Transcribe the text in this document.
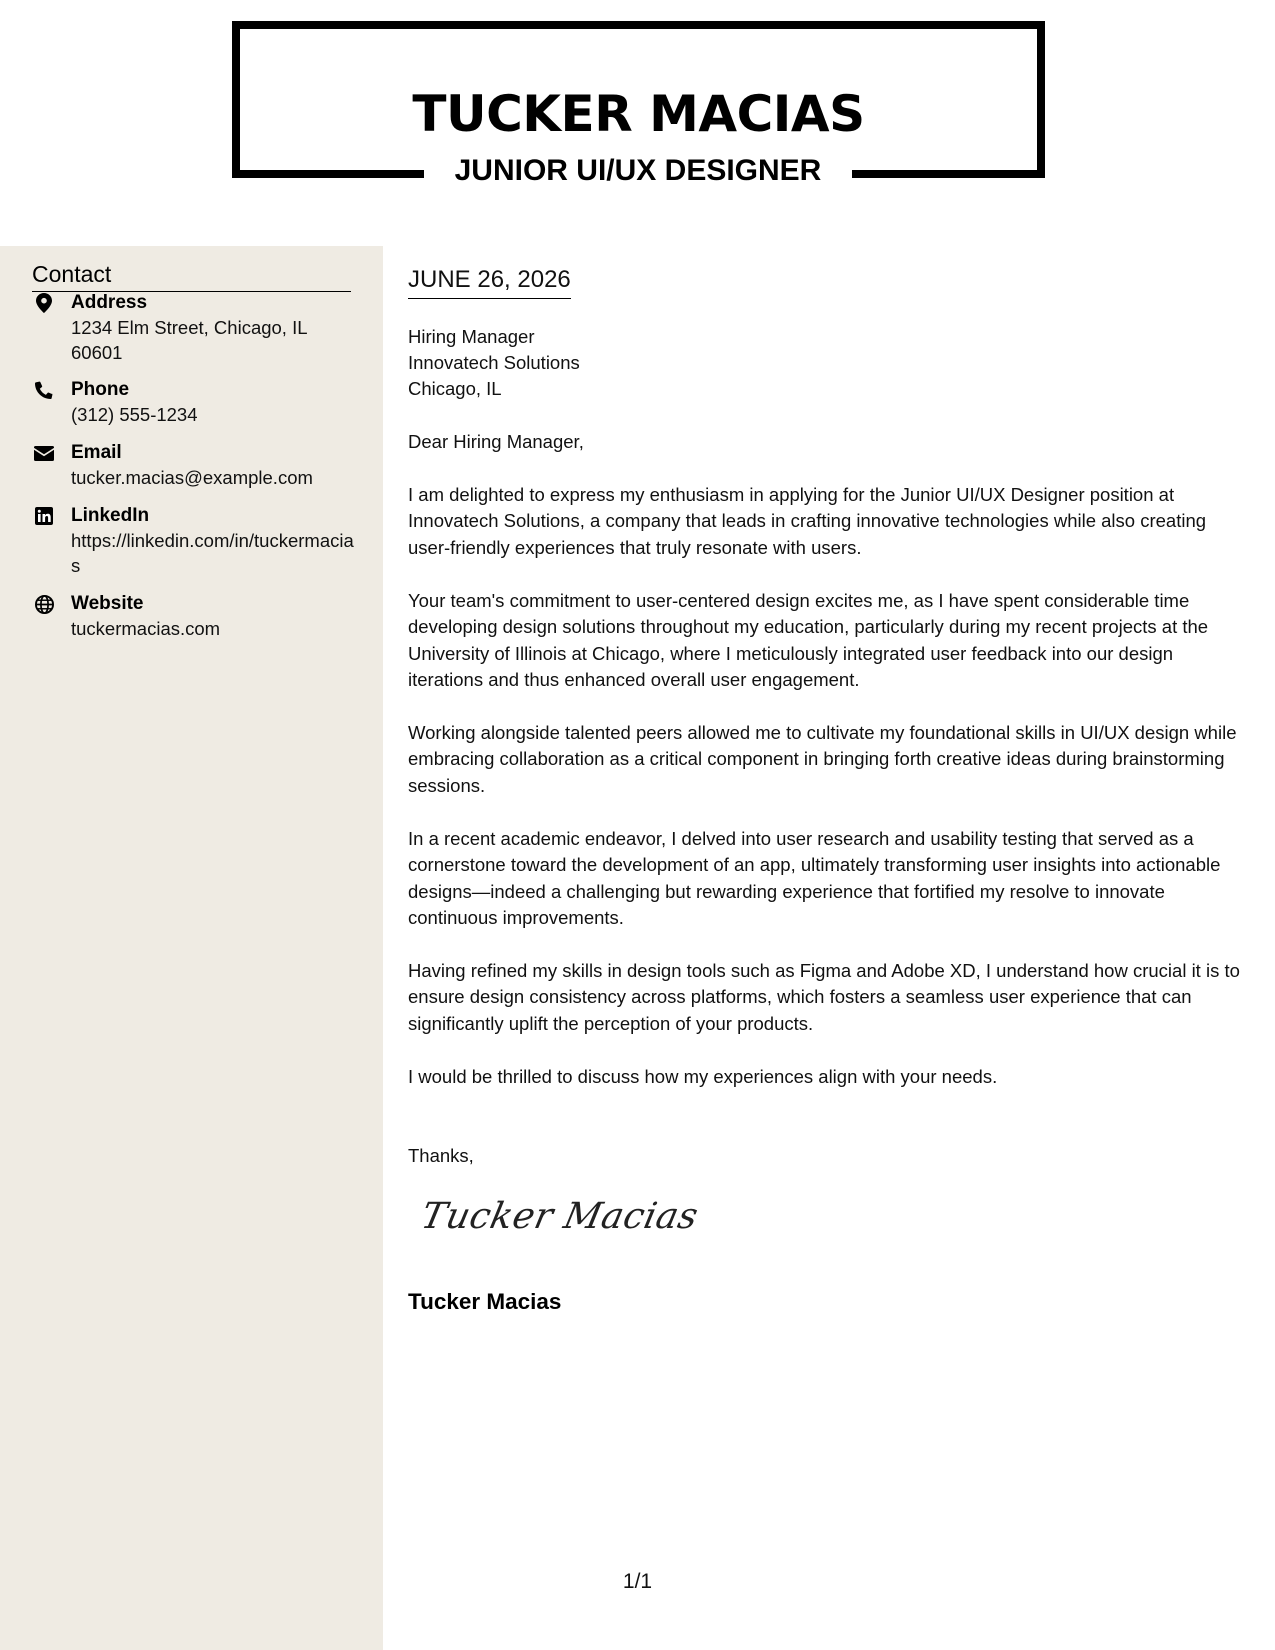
TUCKER MACIAS
JUNIOR UI/UX DESIGNER
Contact
Address
1234 Elm Street, Chicago, IL 60601
Phone
(312) 555-1234
Email
tucker.macias@example.com
LinkedIn
https://linkedin.com/in/tuckermacias
Website
tuckermacias.com
JUNE 26, 2026
Hiring Manager
Innovatech Solutions
Chicago, IL
Dear Hiring Manager,
I am delighted to express my enthusiasm in applying for the Junior UI/UX Designer position at Innovatech Solutions, a company that leads in crafting innovative technologies while also creating user-friendly experiences that truly resonate with users.
Your team's commitment to user-centered design excites me, as I have spent considerable time developing design solutions throughout my education, particularly during my recent projects at the University of Illinois at Chicago, where I meticulously integrated user feedback into our design iterations and thus enhanced overall user engagement.
Working alongside talented peers allowed me to cultivate my foundational skills in UI/UX design while embracing collaboration as a critical component in bringing forth creative ideas during brainstorming sessions.
In a recent academic endeavor, I delved into user research and usability testing that served as a cornerstone toward the development of an app, ultimately transforming user insights into actionable designs—indeed a challenging but rewarding experience that fortified my resolve to innovate continuous improvements.
Having refined my skills in design tools such as Figma and Adobe XD, I understand how crucial it is to ensure design consistency across platforms, which fosters a seamless user experience that can significantly uplift the perception of your products.
I would be thrilled to discuss how my experiences align with your needs.
Thanks,
Tucker Macias
Tucker Macias
1/1
